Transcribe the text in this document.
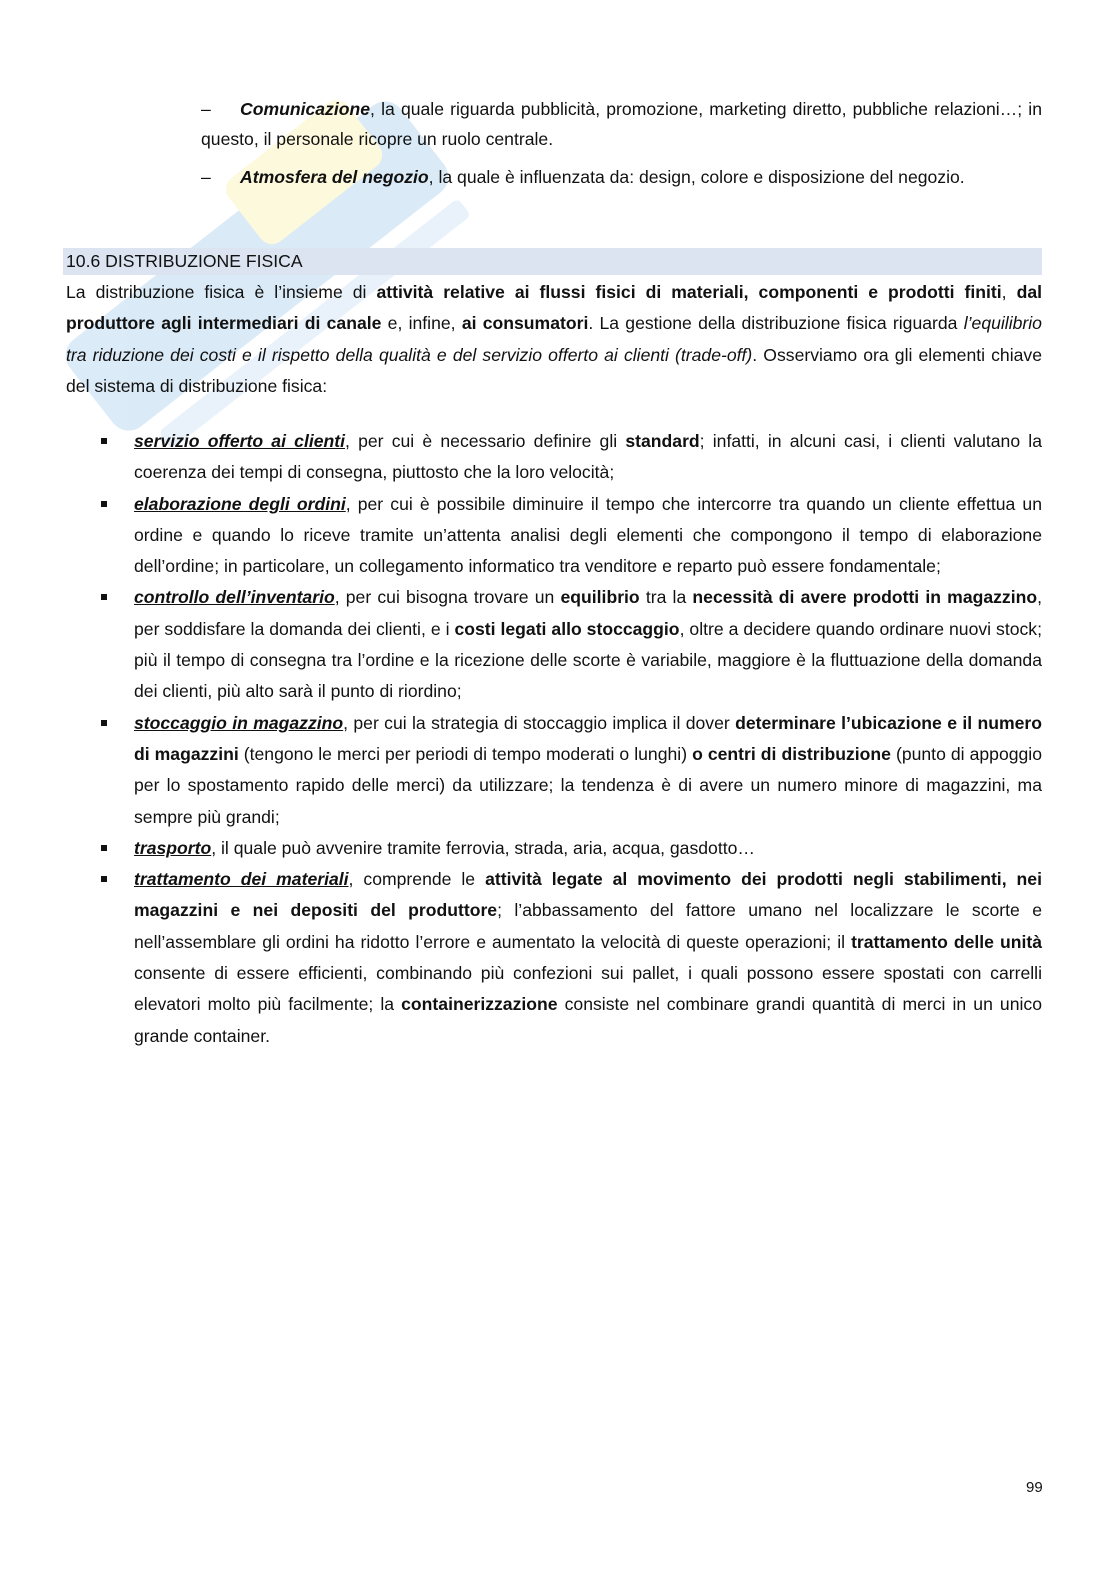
– Comunicazione, la quale riguarda pubblicità, promozione, marketing diretto, pubbliche relazioni…; in questo, il personale ricopre un ruolo centrale.
– Atmosfera del negozio, la quale è influenzata da: design, colore e disposizione del negozio.
10.6 DISTRIBUZIONE FISICA
La distribuzione fisica è l’insieme di attività relative ai flussi fisici di materiali, componenti e prodotti finiti, dal produttore agli intermediari di canale e, infine, ai consumatori. La gestione della distribuzione fisica riguarda l’equilibrio tra riduzione dei costi e il rispetto della qualità e del servizio offerto ai clienti (trade-off). Osserviamo ora gli elementi chiave del sistema di distribuzione fisica:
servizio offerto ai clienti, per cui è necessario definire gli standard; infatti, in alcuni casi, i clienti valutano la coerenza dei tempi di consegna, piuttosto che la loro velocità;
elaborazione degli ordini, per cui è possibile diminuire il tempo che intercorre tra quando un cliente effettua un ordine e quando lo riceve tramite un’attenta analisi degli elementi che compongono il tempo di elaborazione dell’ordine; in particolare, un collegamento informatico tra venditore e reparto può essere fondamentale;
controllo dell’inventario, per cui bisogna trovare un equilibrio tra la necessità di avere prodotti in magazzino, per soddisfare la domanda dei clienti, e i costi legati allo stoccaggio, oltre a decidere quando ordinare nuovi stock; più il tempo di consegna tra l’ordine e la ricezione delle scorte è variabile, maggiore è la fluttuazione della domanda dei clienti, più alto sarà il punto di riordino;
stoccaggio in magazzino, per cui la strategia di stoccaggio implica il dover determinare l’ubicazione e il numero di magazzini (tengono le merci per periodi di tempo moderati o lunghi) o centri di distribuzione (punto di appoggio per lo spostamento rapido delle merci) da utilizzare; la tendenza è di avere un numero minore di magazzini, ma sempre più grandi;
trasporto, il quale può avvenire tramite ferrovia, strada, aria, acqua, gasdotto…
trattamento dei materiali, comprende le attività legate al movimento dei prodotti negli stabilimenti, nei magazzini e nei depositi del produttore; l’abbassamento del fattore umano nel localizzare le scorte e nell’assemblare gli ordini ha ridotto l’errore e aumentato la velocità di queste operazioni; il trattamento delle unità consente di essere efficienti, combinando più confezioni sui pallet, i quali possono essere spostati con carrelli elevatori molto più facilmente; la containerizzazione consiste nel combinare grandi quantità di merci in un unico grande container.
99
